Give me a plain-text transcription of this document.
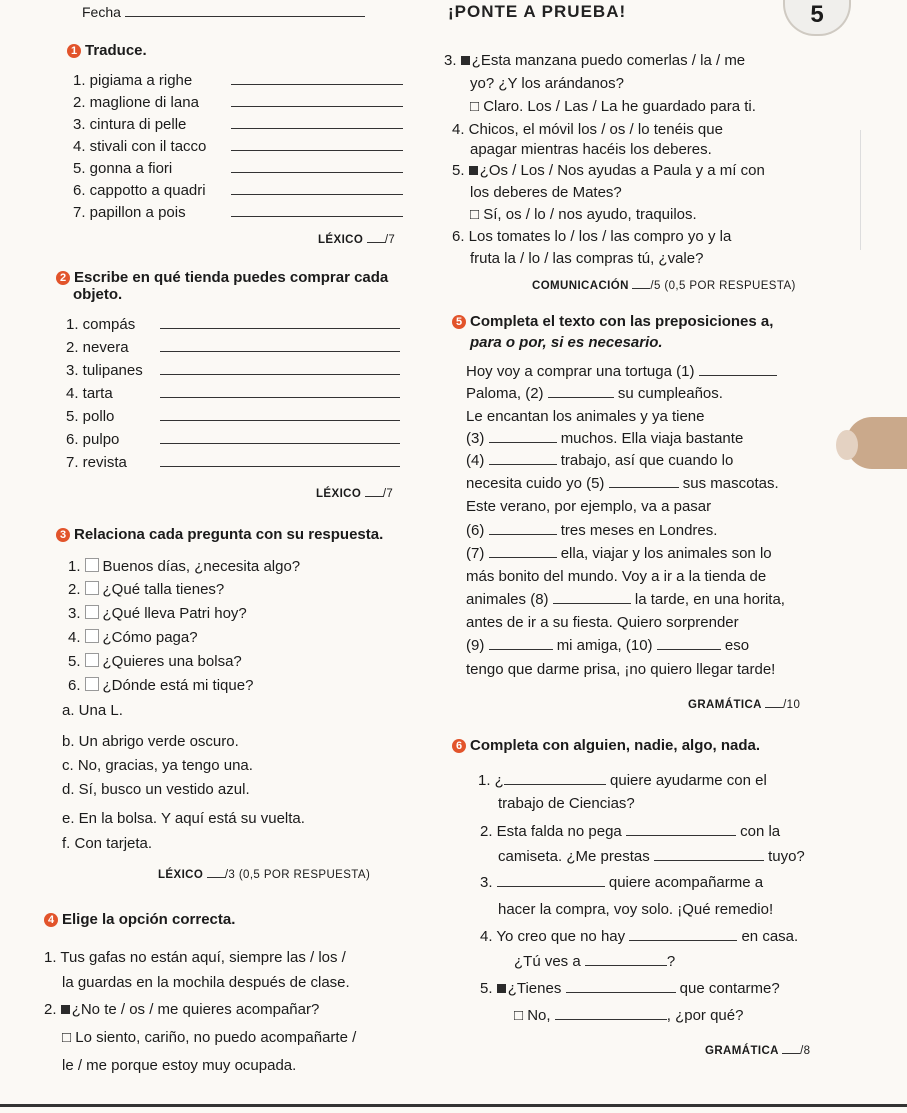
Fecha	¡PONTE A PRUEBA!	5
1 Traduce.
1. pigiama a righe
2. maglione di lana
3. cintura di pelle
4. stivali con il tacco
5. gonna a fiori
6. cappotto a quadri
7. papillon a pois
LÉXICO /7
2 Escribe en qué tienda puedes comprar cada
objeto.
1. compás
2. nevera
3. tulipanes
4. tarta
5. pollo
6. pulpo
7. revista
LÉXICO /7
3 Relaciona cada pregunta con su respuesta.
1. Buenos días, ¿necesita algo?
2. ¿Qué talla tienes?
3. ¿Qué lleva Patri hoy?
4. ¿Cómo paga?
5. ¿Quieres una bolsa?
6. ¿Dónde está mi tique?
a. Una L.
b. Un abrigo verde oscuro.
c. No, gracias, ya tengo una.
d. Sí, busco un vestido azul.
e. En la bolsa. Y aquí está su vuelta.
f. Con tarjeta.
LÉXICO /3 (0,5 POR RESPUESTA)
4 Elige la opción correcta.
1. Tus gafas no están aquí, siempre las / los /
la guardas en la mochila después de clase.
2. ¿No te / os / me quieres acompañar?
□ Lo siento, cariño, no puedo acompañarte /
le / me porque estoy muy ocupada.
3. ¿Esta manzana puedo comerlas / la / me
yo? ¿Y los arándanos?
□ Claro. Los / Las / La he guardado para ti.
4. Chicos, el móvil los / os / lo tenéis que
apagar mientras hacéis los deberes.
5. ¿Os / Los / Nos ayudas a Paula y a mí con
los deberes de Mates?
□ Sí, os / lo / nos ayudo, traquilos.
6. Los tomates lo / los / las compro yo y la
fruta la / lo / las compras tú, ¿vale?
COMUNICACIÓN /5 (0,5 POR RESPUESTA)
5 Completa el texto con las preposiciones a,
para o por, si es necesario.
Hoy voy a comprar una tortuga (1)
Paloma, (2)	su cumpleaños.
Le encantan los animales y ya tiene
(3)	muchos. Ella viaja bastante
(4)	trabajo, así que cuando lo
necesita cuido yo (5)	sus mascotas.
Este verano, por ejemplo, va a pasar
(6)	tres meses en Londres.
(7)	ella, viajar y los animales son lo
más bonito del mundo. Voy a ir a la tienda de
animales (8)	la tarde, en una horita,
antes de ir a su fiesta. Quiero sorprender
(9)	mi amiga, (10)	eso
tengo que darme prisa, ¡no quiero llegar tarde!
GRAMÁTICA /10
6 Completa con alguien, nadie, algo, nada.
1. ¿	quiere ayudarme con el
trabajo de Ciencias?
2. Esta falda no pega	con la
camiseta. ¿Me prestas	tuyo?
3.	quiere acompañarme a
hacer la compra, voy solo. ¡Qué remedio!
4. Yo creo que no hay	en casa.
¿Tú ves a	?
5. ¿Tienes	que contarme?
□ No,	, ¿por qué?
GRAMÁTICA /8
